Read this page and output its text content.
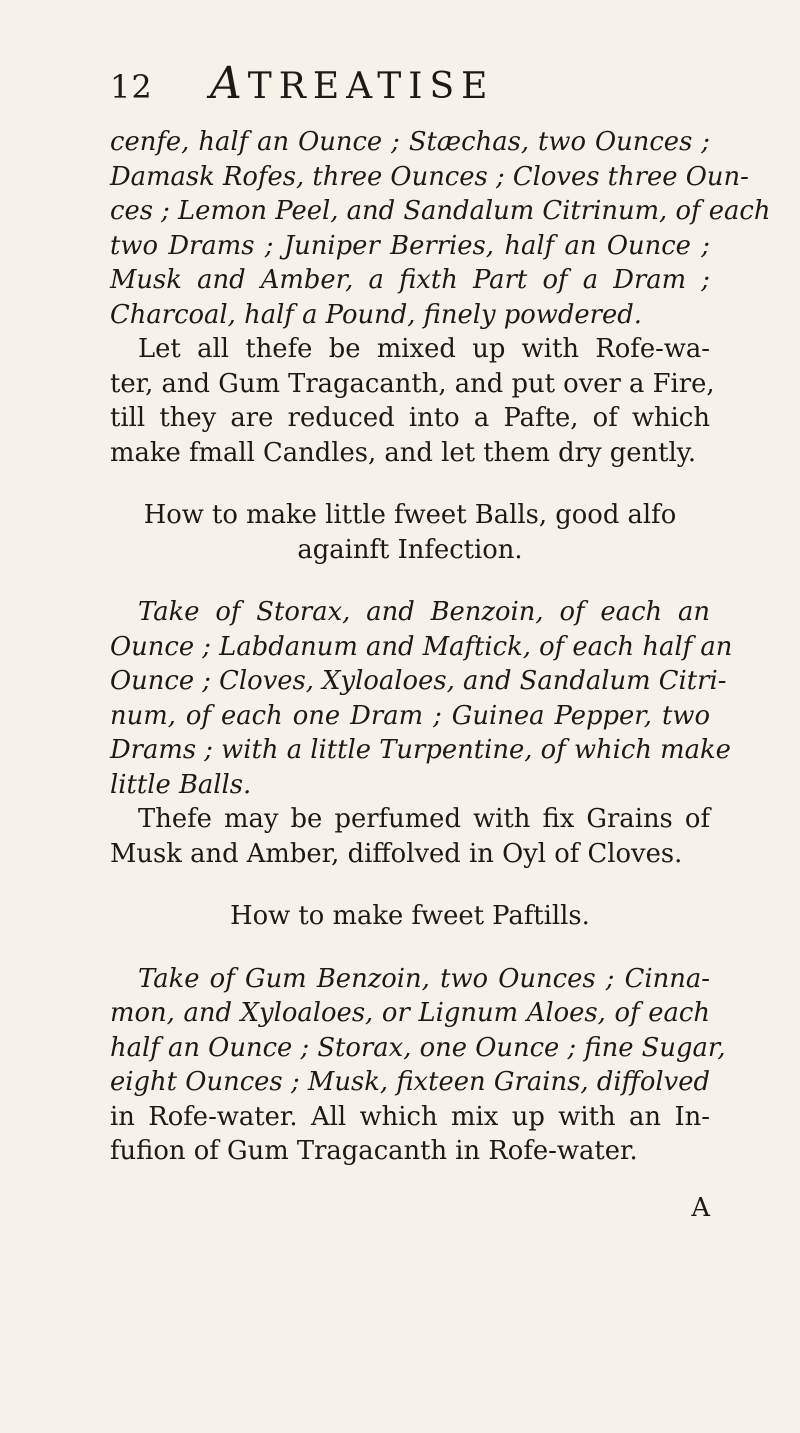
12	A TREATISE
cenfe, half an Ounce ; Stæchas, two Ounces ;
Damask Rofes, three Ounces ; Cloves three Oun-
ces ; Lemon Peel, and Sandalum Citrinum, of each
two Drams ; Juniper Berries, half an Ounce ;
Musk and Amber, a fixth Part of a Dram ;
Charcoal, half a Pound, finely powdered.
Let all thefe be mixed up with Rofe-wa-
ter, and Gum Tragacanth, and put over a Fire,
till they are reduced into a Pafte, of which
make fmall Candles, and let them dry gently.
How to make little fweet Balls, good alfo
againft Infection.
Take of Storax, and Benzoin, of each an
Ounce ; Labdanum and Maftick, of each half an
Ounce ; Cloves, Xyloaloes, and Sandalum Citri-
num, of each one Dram ; Guinea Pepper, two
Drams ; with a little Turpentine, of which make
little Balls.
Thefe may be perfumed with fix Grains of
Musk and Amber, diffolved in Oyl of Cloves.
How to make fweet Paftills.
Take of Gum Benzoin, two Ounces ; Cinna-
mon, and Xyloaloes, or Lignum Aloes, of each
half an Ounce ; Storax, one Ounce ; fine Sugar,
eight Ounces ; Musk, fixteen Grains, diffolved
in Rofe-water. All which mix up with an In-
fufion of Gum Tragacanth in Rofe-water.
A
